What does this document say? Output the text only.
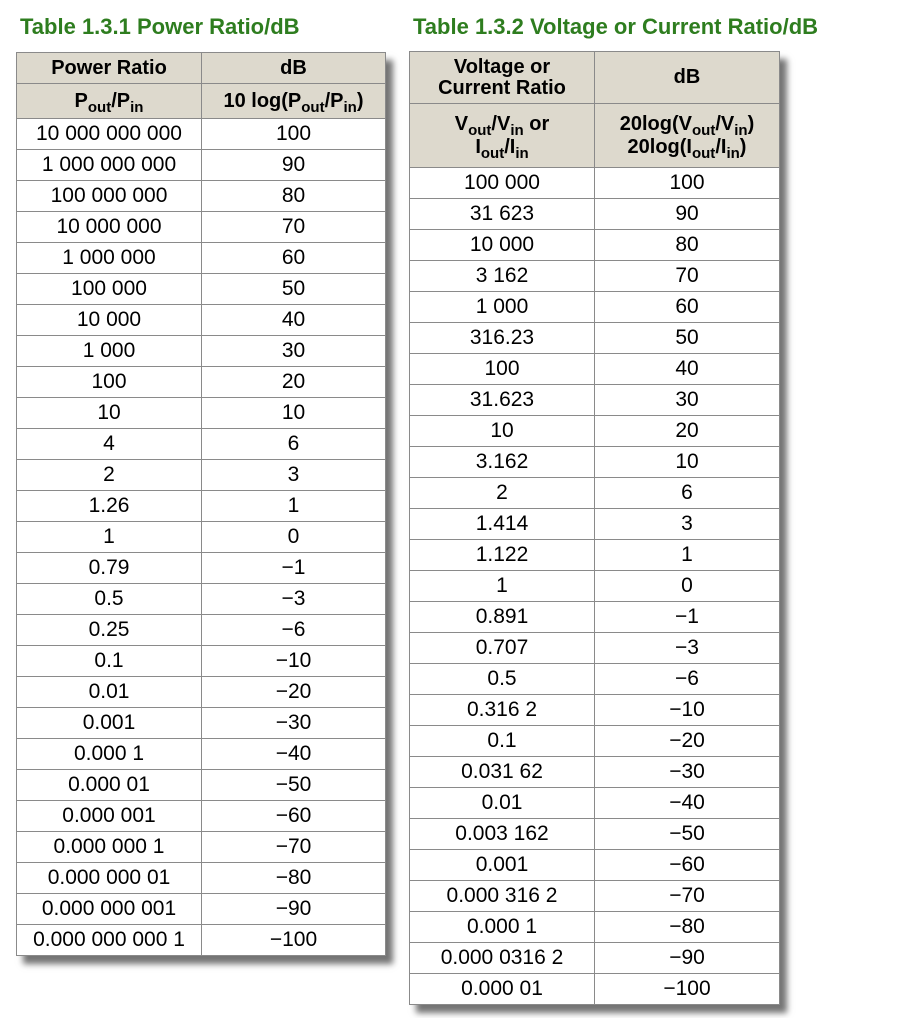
Table 1.3.1 Power Ratio/dB	Table 1.3.2 Voltage or Current Ratio/dB
Power Ratio	dB
$P_{out}/P_{in}$	10 $\log(P_{out}/P_{in})$
10 000 000 000	100
1 000 000 000	90
100 000 000	80
10 000 000	70
1 000 000	60
100 000	50
10 000	40
1 000	30
100	20
10	10
4	6
2	3
1.26	1
1	0
0.79	−1
0.5	−3
0.25	−6
0.1	−10
0.01	−20
0.001	−30
0.000 1	−40
0.000 01	−50
0.000 001	−60
0.000 000 1	−70
0.000 000 01	−80
0.000 000 001	−90
0.000 000 000 1	−100
Voltage or
Current Ratio	dB
$V_{out}/V_{in}$ or
$I_{out}/I_{in}$	$20\log(V_{out}/V_{in})$
$20\log(I_{out}/I_{in})$
100 000	100
31 623	90
10 000	80
3 162	70
1 000	60
316.23	50
100	40
31.623	30
10	20
3.162	10
2	6
1.414	3
1.122	1
1	0
0.891	−1
0.707	−3
0.5	−6
0.316 2	−10
0.1	−20
0.031 62	−30
0.01	−40
0.003 162	−50
0.001	−60
0.000 316 2	−70
0.000 1	−80
0.000 0316 2	−90
0.000 01	−100
